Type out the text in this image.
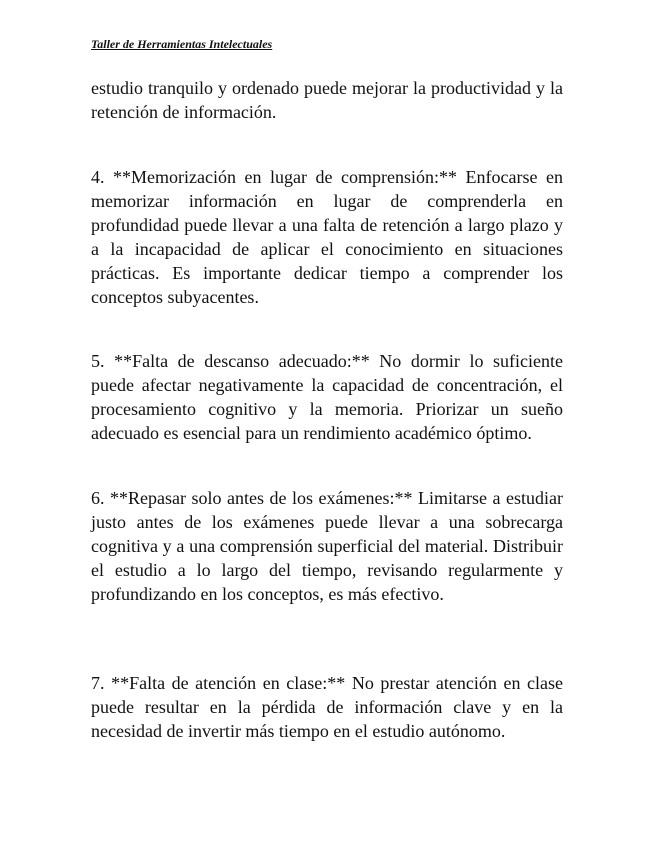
Taller de Herramientas Intelectuales

estudio tranquilo y ordenado puede mejorar la productividad y la retención de información.

4. **Memorización en lugar de comprensión:** Enfocarse en memorizar información en lugar de comprenderla en profundidad puede llevar a una falta de retención a largo plazo y a la incapacidad de aplicar el conocimiento en situaciones prácticas. Es importante dedicar tiempo a comprender los conceptos subyacentes.

5. **Falta de descanso adecuado:** No dormir lo suficiente puede afectar negativamente la capacidad de concentración, el procesamiento cognitivo y la memoria. Priorizar un sueño adecuado es esencial para un rendimiento académico óptimo.

6. **Repasar solo antes de los exámenes:** Limitarse a estudiar justo antes de los exámenes puede llevar a una sobrecarga cognitiva y a una comprensión superficial del material. Distribuir el estudio a lo largo del tiempo, revisando regularmente y profundizando en los conceptos, es más efectivo.

7. **Falta de atención en clase:** No prestar atención en clase puede resultar en la pérdida de información clave y en la necesidad de invertir más tiempo en el estudio autónomo.
